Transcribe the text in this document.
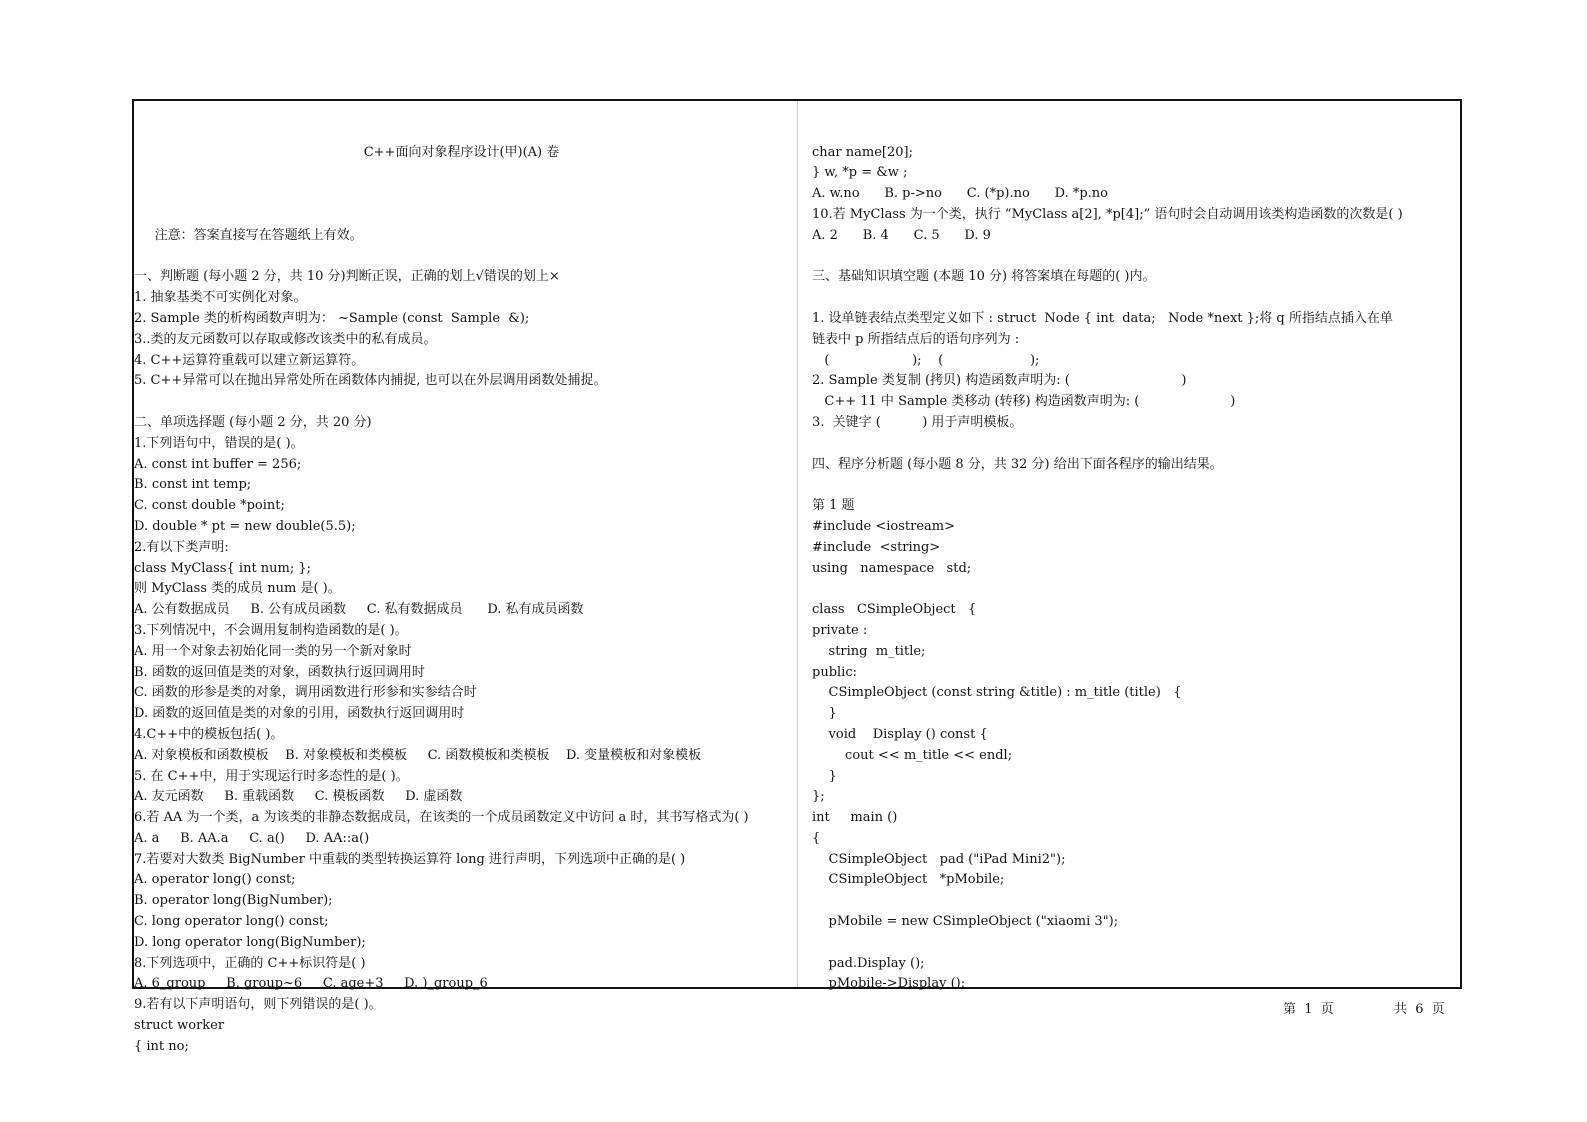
C++面向对象程序设计(甲)(A) 卷

注意：答案直接写在答题纸上有效。
一、判断题 (每小题 2 分，共 10 分)判断正误，正确的划上√错误的划上×
1. 抽象基类不可实例化对象。
2. Sample 类的析构函数声明为： ~Sample (const  Sample  &);
3..类的友元函数可以存取或修改该类中的私有成员。
4. C++运算符重载可以建立新运算符。
5. C++异常可以在抛出异常处所在函数体内捕捉, 也可以在外层调用函数处捕捉。
二、单项选择题 (每小题 2 分，共 20 分)
1.下列语句中，错误的是( )。
A. const int buffer = 256;
B. const int temp;
C. const double *point;
D. double * pt = new double(5.5);
2.有以下类声明:
class MyClass{ int num; };
则 MyClass 类的成员 num 是( )。
A. 公有数据成员     B. 公有成员函数     C. 私有数据成员      D. 私有成员函数
3.下列情况中，不会调用复制构造函数的是( )。
A. 用一个对象去初始化同一类的另一个新对象时
B. 函数的返回值是类的对象，函数执行返回调用时
C. 函数的形参是类的对象，调用函数进行形参和实参结合时
D. 函数的返回值是类的对象的引用，函数执行返回调用时
4.C++中的模板包括( )。
A. 对象模板和函数模板    B. 对象模板和类模板     C. 函数模板和类模板    D. 变量模板和对象模板
5. 在 C++中，用于实现运行时多态性的是( )。
A. 友元函数     B. 重载函数     C. 模板函数     D. 虚函数
6.若 AA 为一个类，a 为该类的非静态数据成员，在该类的一个成员函数定义中访问 a 时，其书写格式为( )
A. a     B. AA.a     C. a()     D. AA::a()
7.若要对大数类 BigNumber 中重载的类型转换运算符 long 进行声明，下列选项中正确的是( )
A. operator long() const;
B. operator long(BigNumber);
C. long operator long() const;
D. long operator long(BigNumber);
8.下列选项中，正确的 C++标识符是( )
A. 6_group     B. group~6     C. age+3     D. )_group_6
9.若有以下声明语句，则下列错误的是( )。
struct worker
{ int no;

char name[20];
} w, *p = &w ;
A. w.no      B. p->no      C. (*p).no      D. *p.no
10.若 MyClass 为一个类，执行 “MyClass a[2], *p[4];” 语句时会自动调用该类构造函数的次数是( )
A. 2      B. 4      C. 5      D. 9
三、基础知识填空题 (本题 10 分) 将答案填在每题的( )内。
1. 设单链表结点类型定义如下 : struct  Node { int  data;   Node *next };将 q 所指结点插入在单
链表中 p 所指结点后的语句序列为 :
(                    );    (                     );
2. Sample 类复制 (拷贝) 构造函数声明为: (                           )
C++ 11 中 Sample 类移动 (转移) 构造函数声明为: (                      )
3.  关键字 (          ) 用于声明模板。
四、程序分析题 (每小题 8 分，共 32 分) 给出下面各程序的输出结果。
第 1 题
#include <iostream>
#include  <string>
using   namespace   std;
class   CSimpleObject   {
private :
string  m_title;
public:
CSimpleObject (const string &title) : m_title (title)   {
}
void    Display () const {
cout << m_title << endl;
}
};
int     main ()
{
CSimpleObject   pad ("iPad Mini2");
CSimpleObject   *pMobile;
pMobile = new CSimpleObject ("xiaomi 3");
pad.Display ();
pMobile->Display ();

第  1  页	共  6  页
